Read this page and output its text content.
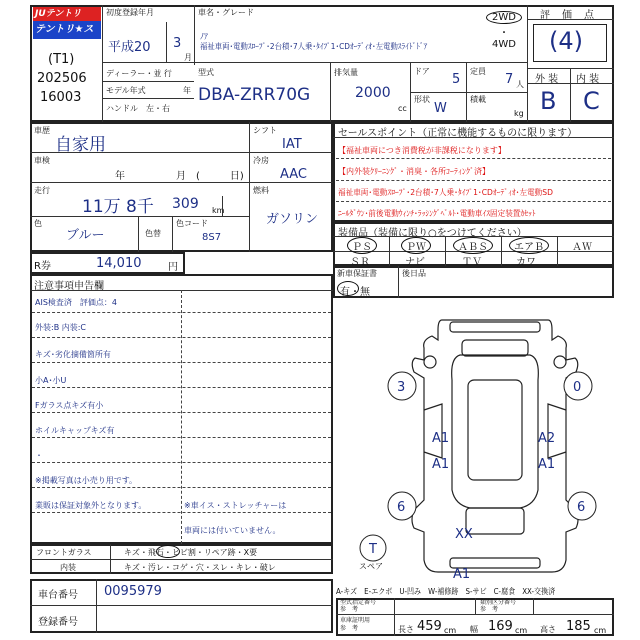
JUテントリ
テントリ★スター
(T1)
202506
16003
初度登録年月
平成20 3
月
車名・グレード
ﾉｱ
福祉車両･電動ｽﾛｰﾌﾟ･2台積･7人乗･ﾀｲﾌﾟ1･CDｵｰﾃﾞｨｵ･左電動ｽﾗｲﾄﾞﾄﾞｱ
2WD
・
4WD
評　価　点
(4)
外 装 内 装
B C
ディーラー・並 行
モデル年式	年
ハンドル　左・右
型式
DBA-ZRR70G
排気量
2000
cc
ドア
5
定員
7 人
形状
W
積載
kg
車歴
自家用
車検
年	月 (　　　日)
走行
11万 8千 309 km
色
ブルー	色替
色コード
8S7
シフト
IAT
冷房
AAC
燃料
ガソリン
R券	14,010	円
セールスポイント（正常に機能するものに限ります）
【福祉車両につき消費税が非課税になります】
【内外装ｸﾘｰﾆﾝｸﾞ・消臭・各所ｺｰﾃｨﾝｸﾞ済】
福祉車両･電動ｽﾛｰﾌﾟ･2台積･7人乗･ﾀｲﾌﾟ1･CDｵｰﾃﾞｨｵ･左電動SD
ﾆｰﾙﾀﾞｳﾝ･前後電動ｳｨﾝﾁ･ﾗｯｼﾝｸﾞﾍﾞﾙﾄ･電動車ｲｽ固定装置ｶｾｯﾄ
装備品（装備に限り○をつけてください）
ＰＳ	ＰＷ	ＡＢＳ	エアＢ	ＡＷ
ＳＲ	ナビ	ＴＶ	カワ
新車保証書
有・無
後日品
注意事項申告欄
AIS検査済　評価点：4
外装:B 内装:C
キズ･劣化摘備箇所有
小A･小U
Fガラス点キズ有小
ホイルキャップキズ有
・
※掲載写真は小売り用です。
業販は保証対象外となります。	※車イス・ストレッチャーは
車両には付いていません。
フロントガラス	キズ・飛石・ヒビ割・リペア跡・X要
内装	キズ・汚レ・コゲ・穴・スレ・キレ・破レ
車台番号 0095979
登録番号
3	0
A1	A2
A1	A1
6	6
XX
T
A1
スペア
A-キズ　E-エクボ　U-凹み　W-補修跡　S-サビ　C-腐食　XX-交換済
型式指定番号
参　考
類別区分番号
参　考
車庫証明用
参　考	長さ 459 cm 幅 169 cm 高さ 185 cm
